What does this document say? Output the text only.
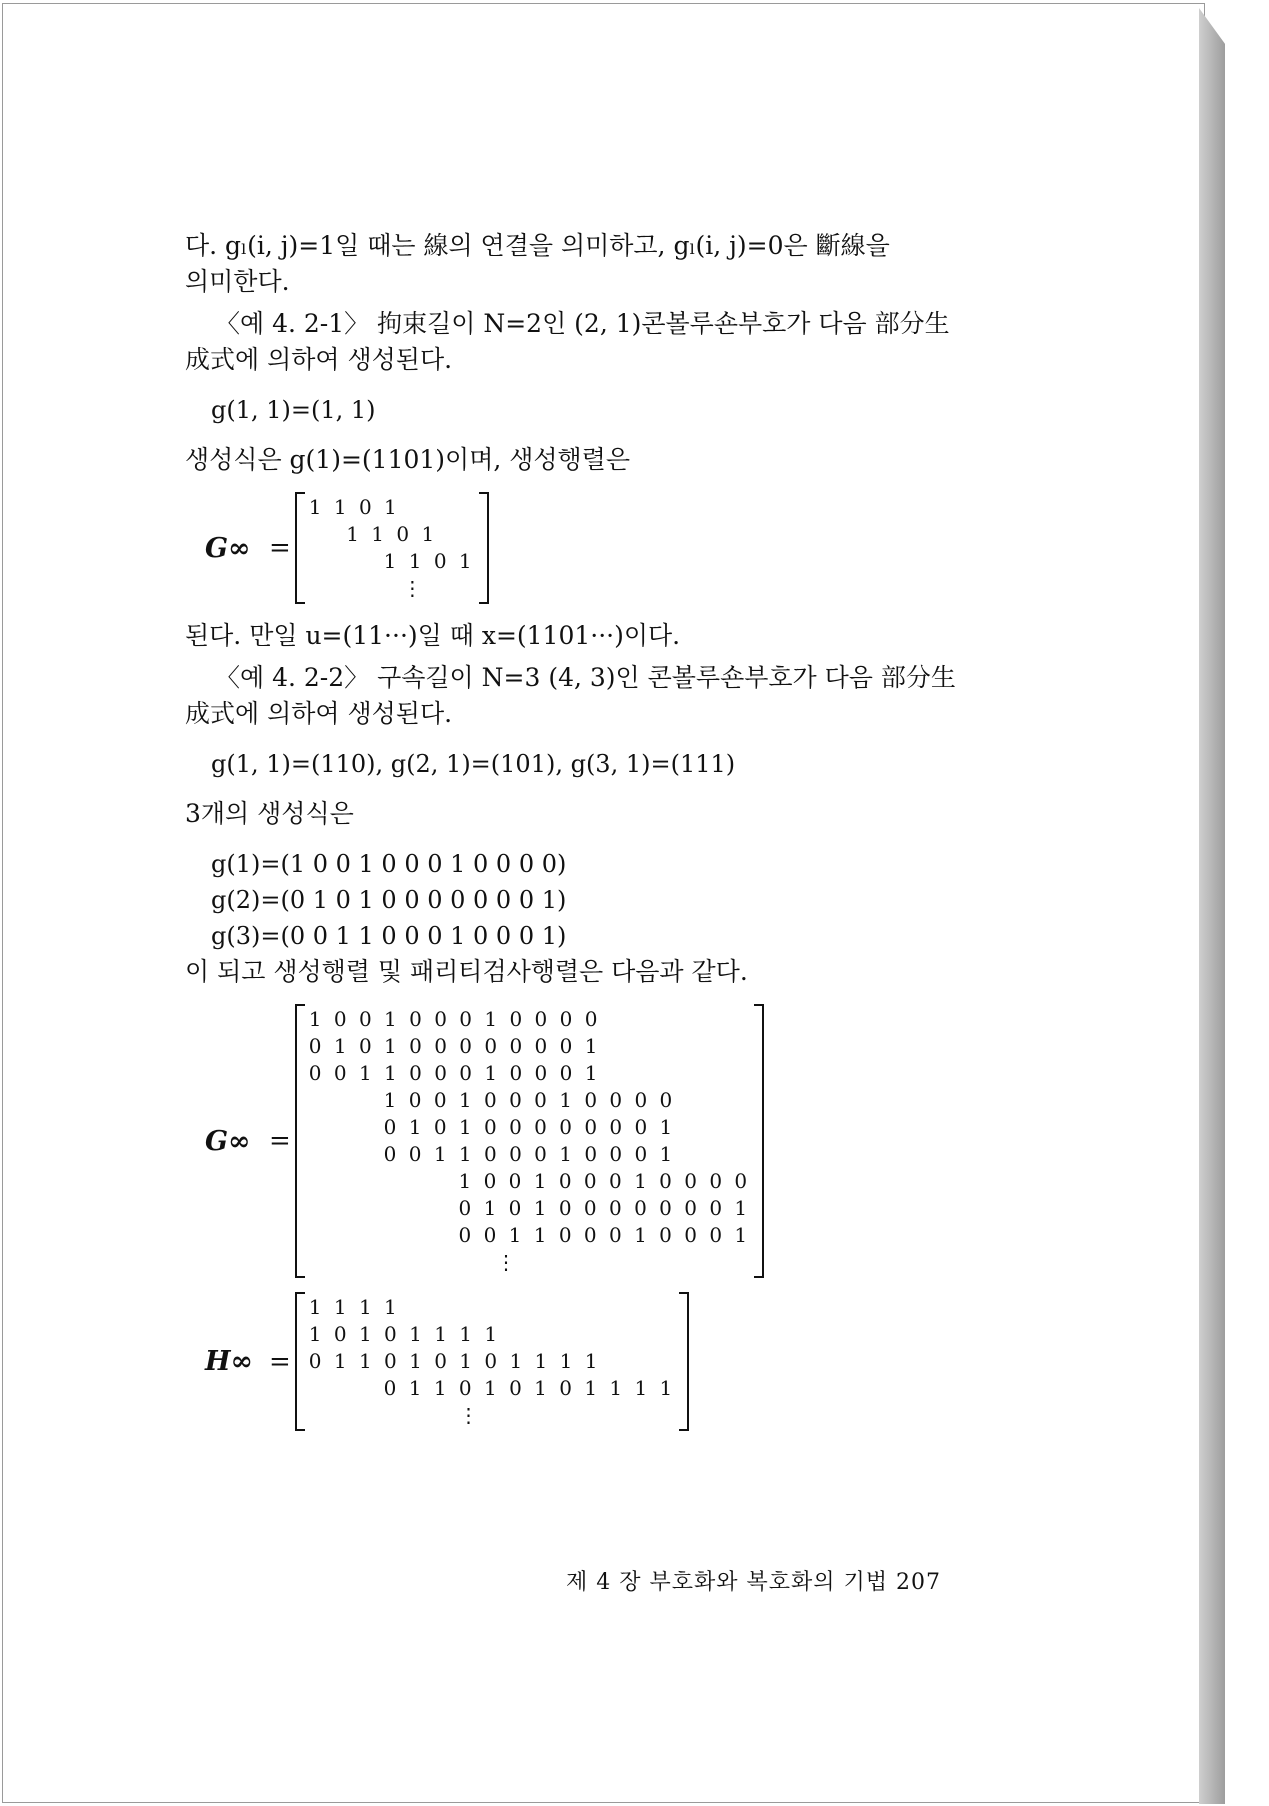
다. gₗ(i, j)=1일 때는 線의 연결을 의미하고, gₗ(i, j)=0은 斷線을
의미한다.
〈예 4. 2-1〉 拘束길이 N=2인 (2, 1)콘볼루숀부호가 다음 部分生
成式에 의하여 생성된다.
g(1, 1)=(1, 1)
생성식은 g(1)=(1101)이며, 생성행렬은
G∞ =
1 1 0 1
1 1 0 1
1 1 0 1
⋮
된다. 만일 u=(11···)일 때 x=(1101···)이다.
〈예 4. 2-2〉 구속길이 N=3 (4, 3)인 콘볼루숀부호가 다음 部分生
成式에 의하여 생성된다.
g(1, 1)=(110), g(2, 1)=(101), g(3, 1)=(111)
3개의 생성식은
g(1)=(1 0 0 1 0 0 0 1 0 0 0 0)
g(2)=(0 1 0 1 0 0 0 0 0 0 0 1)
g(3)=(0 0 1 1 0 0 0 1 0 0 0 1)
이 되고 생성행렬 및 패리티검사행렬은 다음과 같다.
G∞ =
1 0 0 1 0 0 0 1 0 0 0 0
0 1 0 1 0 0 0 0 0 0 0 1
0 0 1 1 0 0 0 1 0 0 0 1
1 0 0 1 0 0 0 1 0 0 0 0
0 1 0 1 0 0 0 0 0 0 0 1
0 0 1 1 0 0 0 1 0 0 0 1
1 0 0 1 0 0 0 1 0 0 0 0
0 1 0 1 0 0 0 0 0 0 0 1
0 0 1 1 0 0 0 1 0 0 0 1
⋮
H∞ =
1 1 1 1
1 0 1 0 1 1 1 1
0 1 1 0 1 0 1 0 1 1 1 1
0 1 1 0 1 0 1 0 1 1 1 1
⋮
제 4 장 부호화와 복호화의 기법 207
